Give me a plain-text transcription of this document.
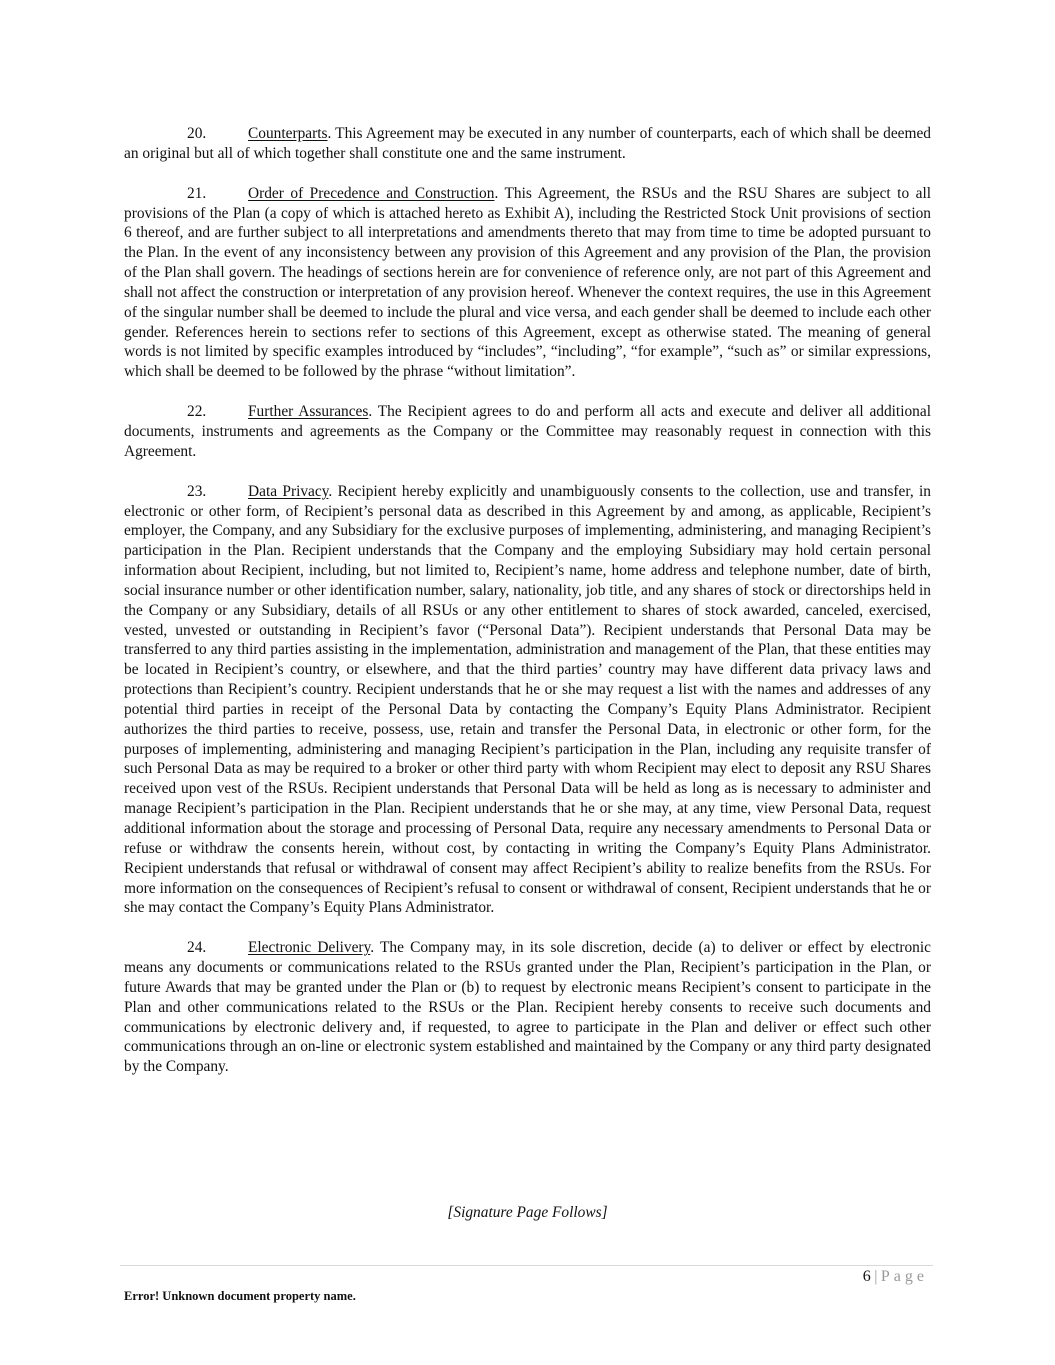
20.	Counterparts. This Agreement may be executed in any number of counterparts, each of which shall be deemed an original but all of which together shall constitute one and the same instrument.

21.	Order of Precedence and Construction. This Agreement, the RSUs and the RSU Shares are subject to all provisions of the Plan (a copy of which is attached hereto as Exhibit A), including the Restricted Stock Unit provisions of section 6 thereof, and are further subject to all interpretations and amendments thereto that may from time to time be adopted pursuant to the Plan. In the event of any inconsistency between any provision of this Agreement and any provision of the Plan, the provision of the Plan shall govern. The headings of sections herein are for convenience of reference only, are not part of this Agreement and shall not affect the construction or interpretation of any provision hereof. Whenever the context requires, the use in this Agreement of the singular number shall be deemed to include the plural and vice versa, and each gender shall be deemed to include each other gender. References herein to sections refer to sections of this Agreement, except as otherwise stated. The meaning of general words is not limited by specific examples introduced by “includes”, “including”, “for example”, “such as” or similar expressions, which shall be deemed to be followed by the phrase “without limitation”.

22.	Further Assurances. The Recipient agrees to do and perform all acts and execute and deliver all additional documents, instruments and agreements as the Company or the Committee may reasonably request in connection with this Agreement.

23.	Data Privacy. Recipient hereby explicitly and unambiguously consents to the collection, use and transfer, in electronic or other form, of Recipient’s personal data as described in this Agreement by and among, as applicable, Recipient’s employer, the Company, and any Subsidiary for the exclusive purposes of implementing, administering, and managing Recipient’s participation in the Plan. Recipient understands that the Company and the employing Subsidiary may hold certain personal information about Recipient, including, but not limited to, Recipient’s name, home address and telephone number, date of birth, social insurance number or other identification number, salary, nationality, job title, and any shares of stock or directorships held in the Company or any Subsidiary, details of all RSUs or any other entitlement to shares of stock awarded, canceled, exercised, vested, unvested or outstanding in Recipient’s favor (“Personal Data”). Recipient understands that Personal Data may be transferred to any third parties assisting in the implementation, administration and management of the Plan, that these entities may be located in Recipient’s country, or elsewhere, and that the third parties’ country may have different data privacy laws and protections than Recipient’s country. Recipient understands that he or she may request a list with the names and addresses of any potential third parties in receipt of the Personal Data by contacting the Company’s Equity Plans Administrator. Recipient authorizes the third parties to receive, possess, use, retain and transfer the Personal Data, in electronic or other form, for the purposes of implementing, administering and managing Recipient’s participation in the Plan, including any requisite transfer of such Personal Data as may be required to a broker or other third party with whom Recipient may elect to deposit any RSU Shares received upon vest of the RSUs. Recipient understands that Personal Data will be held as long as is necessary to administer and manage Recipient’s participation in the Plan. Recipient understands that he or she may, at any time, view Personal Data, request additional information about the storage and processing of Personal Data, require any necessary amendments to Personal Data or refuse or withdraw the consents herein, without cost, by contacting in writing the Company’s Equity Plans Administrator. Recipient understands that refusal or withdrawal of consent may affect Recipient’s ability to realize benefits from the RSUs. For more information on the consequences of Recipient’s refusal to consent or withdrawal of consent, Recipient understands that he or she may contact the Company’s Equity Plans Administrator.

24.	Electronic Delivery. The Company may, in its sole discretion, decide (a) to deliver or effect by electronic means any documents or communications related to the RSUs granted under the Plan, Recipient’s participation in the Plan, or future Awards that may be granted under the Plan or (b) to request by electronic means Recipient’s consent to participate in the Plan and other communications related to the RSUs or the Plan. Recipient hereby consents to receive such documents and communications by electronic delivery and, if requested, to agree to participate in the Plan and deliver or effect such other communications through an on-line or electronic system established and maintained by the Company or any third party designated by the Company.

[Signature Page Follows]
6 | Page
Error! Unknown document property name.
